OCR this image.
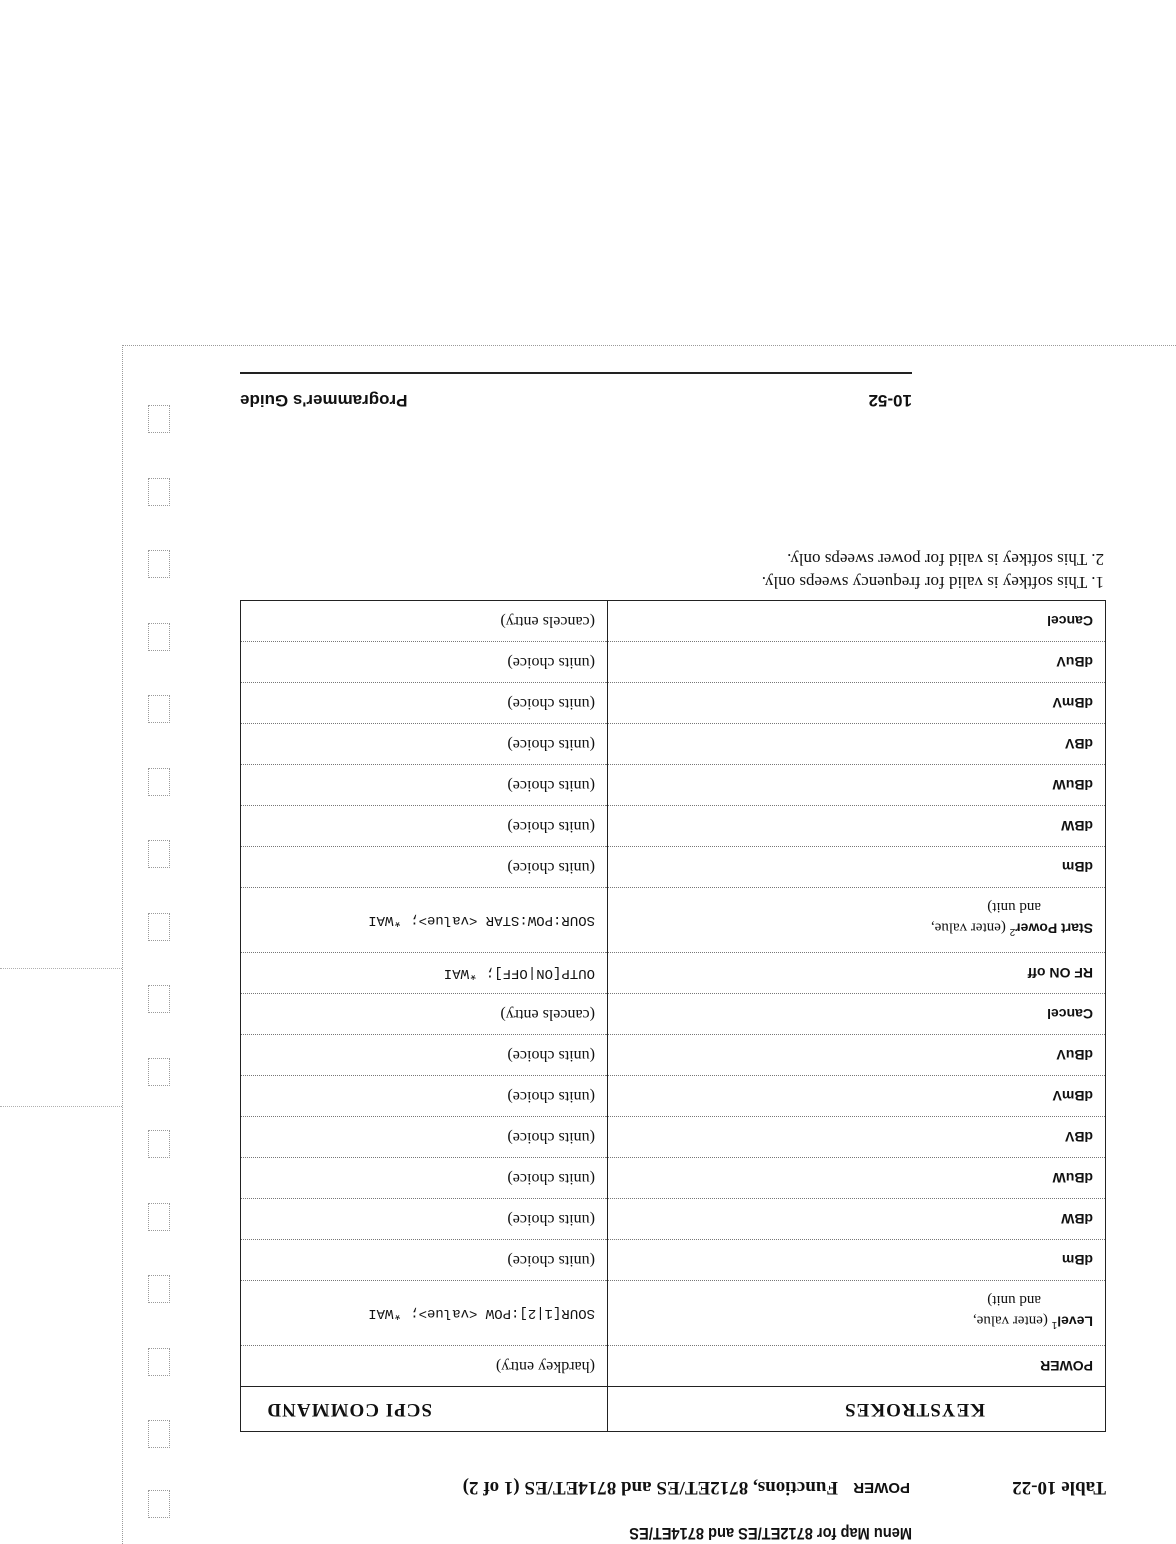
Menu Map for 8712ET/ES and 8714ET/ES
Table 10-22
POWER
Functions, 8712ET/ES and 8714ET/ES (1 of 2)
KEYSTROKES	SCPI COMMAND
POWER	(hardkey entry)
Level$^1$ (enter value,
and unit)	SOUR[1|2]:POW <value>; *WAI
dBm	(units choice)
dBW	(units choice)
dBuW	(units choice)
dBV	(units choice)
dBmV	(units choice)
dBuV	(units choice)
Cancel	(cancels entry)
RF ON off	OUTP[ON|OFF]; *WAI
Start Power$^2$ (enter value,
and unit)	SOUR:POW:STAR <value>; *WAI
dBm	(units choice)
dBW	(units choice)
dBuW	(units choice)
dBV	(units choice)
dBmV	(units choice)
dBuV	(units choice)
Cancel	(cancels entry)
1. This softkey is valid for frequency sweeps only.
2. This softkey is valid for power sweeps only.
Programmer's Guide	10-52
